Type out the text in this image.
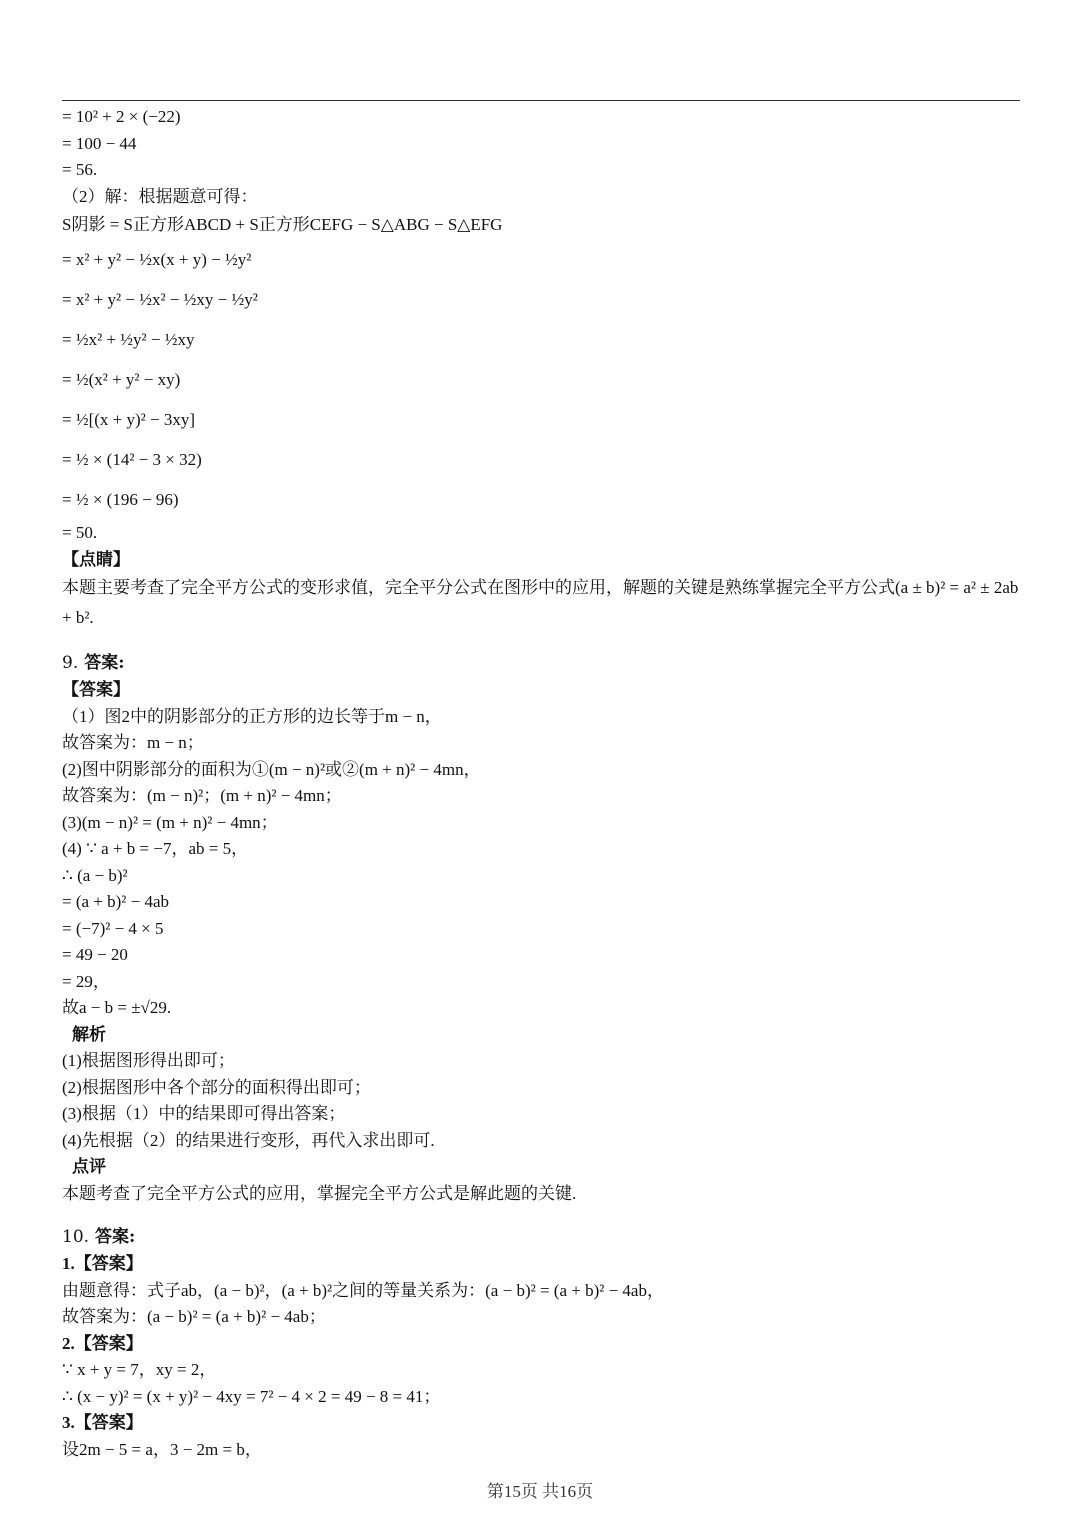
= 10² + 2 × (−22)
= 100 − 44
= 56.
（2）解：根据题意可得：
S阴影 = S正方形ABCD + S正方形CEFG − S△ABG − S△EFG
= x² + y² − ½x(x + y) − ½y²
= x² + y² − ½x² − ½xy − ½y²
= ½x² + ½y² − ½xy
= ½(x² + y² − xy)
= ½[(x + y)² − 3xy]
= ½ × (14² − 3 × 32)
= ½ × (196 − 96)
= 50.
【点睛】
本题主要考查了完全平方公式的变形求值，完全平分公式在图形中的应用，解题的关键是熟练掌握完全平方公式(a ± b)² = a² ± 2ab + b².
9. 答案:
【答案】
（1）图2中的阴影部分的正方形的边长等于m − n，
故答案为：m − n；
(2)图中阴影部分的面积为①(m − n)²或②(m + n)² − 4mn，
故答案为：(m − n)²；(m + n)² − 4mn；
(3)(m − n)² = (m + n)² − 4mn；
(4) ∵ a + b = −7，ab = 5，
∴ (a − b)²
= (a + b)² − 4ab
= (−7)² − 4 × 5
= 49 − 20
= 29，
故a − b = ±√29.
解析
(1)根据图形得出即可；
(2)根据图形中各个部分的面积得出即可；
(3)根据（1）中的结果即可得出答案；
(4)先根据（2）的结果进行变形，再代入求出即可.
点评
本题考查了完全平方公式的应用，掌握完全平方公式是解此题的关键.
10. 答案:
1.【答案】
由题意得：式子ab，(a − b)²，(a + b)²之间的等量关系为：(a − b)² = (a + b)² − 4ab，
故答案为：(a − b)² = (a + b)² − 4ab；
2.【答案】
∵ x + y = 7，xy = 2，
∴ (x − y)² = (x + y)² − 4xy = 7² − 4 × 2 = 49 − 8 = 41；
3.【答案】
设2m − 5 = a，3 − 2m = b，
第15页 共16页
